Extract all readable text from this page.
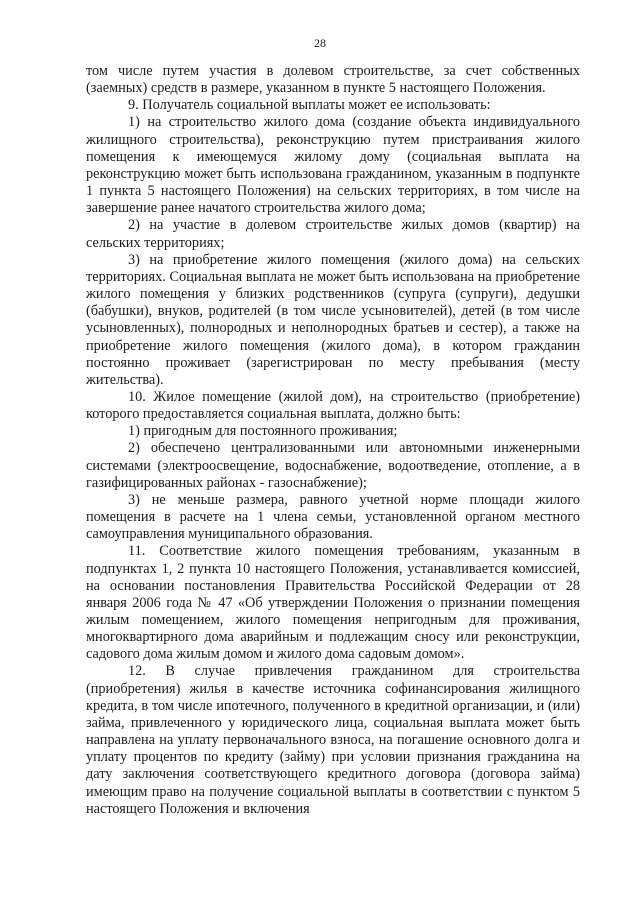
28

том числе путем участия в долевом строительстве, за счет собственных (заемных) средств в размере, указанном в пункте 5 настоящего Положения.

9. Получатель социальной выплаты может ее использовать:

1) на строительство жилого дома (создание объекта индивидуального жилищного строительства), реконструкцию путем пристраивания жилого помещения к имеющемуся жилому дому (социальная выплата на реконструкцию может быть использована гражданином, указанным в подпункте 1 пункта 5 настоящего Положения) на сельских территориях, в том числе на завершение ранее начатого строительства жилого дома;

2) на участие в долевом строительстве жилых домов (квартир) на сельских территориях;

3) на приобретение жилого помещения (жилого дома) на сельских территориях. Социальная выплата не может быть использована на приобретение жилого помещения у близких родственников (супруга (супруги), дедушки (бабушки), внуков, родителей (в том числе усыновителей), детей (в том числе усыновленных), полнородных и неполнородных братьев и сестер), а также на приобретение жилого помещения (жилого дома), в котором гражданин постоянно проживает (зарегистрирован по месту пребывания (месту жительства).

10. Жилое помещение (жилой дом), на строительство (приобретение) которого предоставляется социальная выплата, должно быть:

1) пригодным для постоянного проживания;

2) обеспечено централизованными или автономными инженерными системами (электроосвещение, водоснабжение, водоотведение, отопление, а в газифицированных районах - газоснабжение);

3) не меньше размера, равного учетной норме площади жилого помещения в расчете на 1 члена семьи, установленной органом местного самоуправления муниципального образования.

11. Соответствие жилого помещения требованиям, указанным в подпунктах 1, 2 пункта 10 настоящего Положения, устанавливается комиссией, на основании постановления Правительства Российской Федерации от 28 января 2006 года № 47 «Об утверждении Положения о признании помещения жилым помещением, жилого помещения непригодным для проживания, многоквартирного дома аварийным и подлежащим сносу или реконструкции, садового дома жилым домом и жилого дома садовым домом».

12. В случае привлечения гражданином для строительства (приобретения) жилья в качестве источника софинансирования жилищного кредита, в том числе ипотечного, полученного в кредитной организации, и (или) займа, привлеченного у юридического лица, социальная выплата может быть направлена на уплату первоначального взноса, на погашение основного долга и уплату процентов по кредиту (займу) при условии признания гражданина на дату заключения соответствующего кредитного договора (договора займа) имеющим право на получение социальной выплаты в соответствии с пунктом 5 настоящего Положения и включения
